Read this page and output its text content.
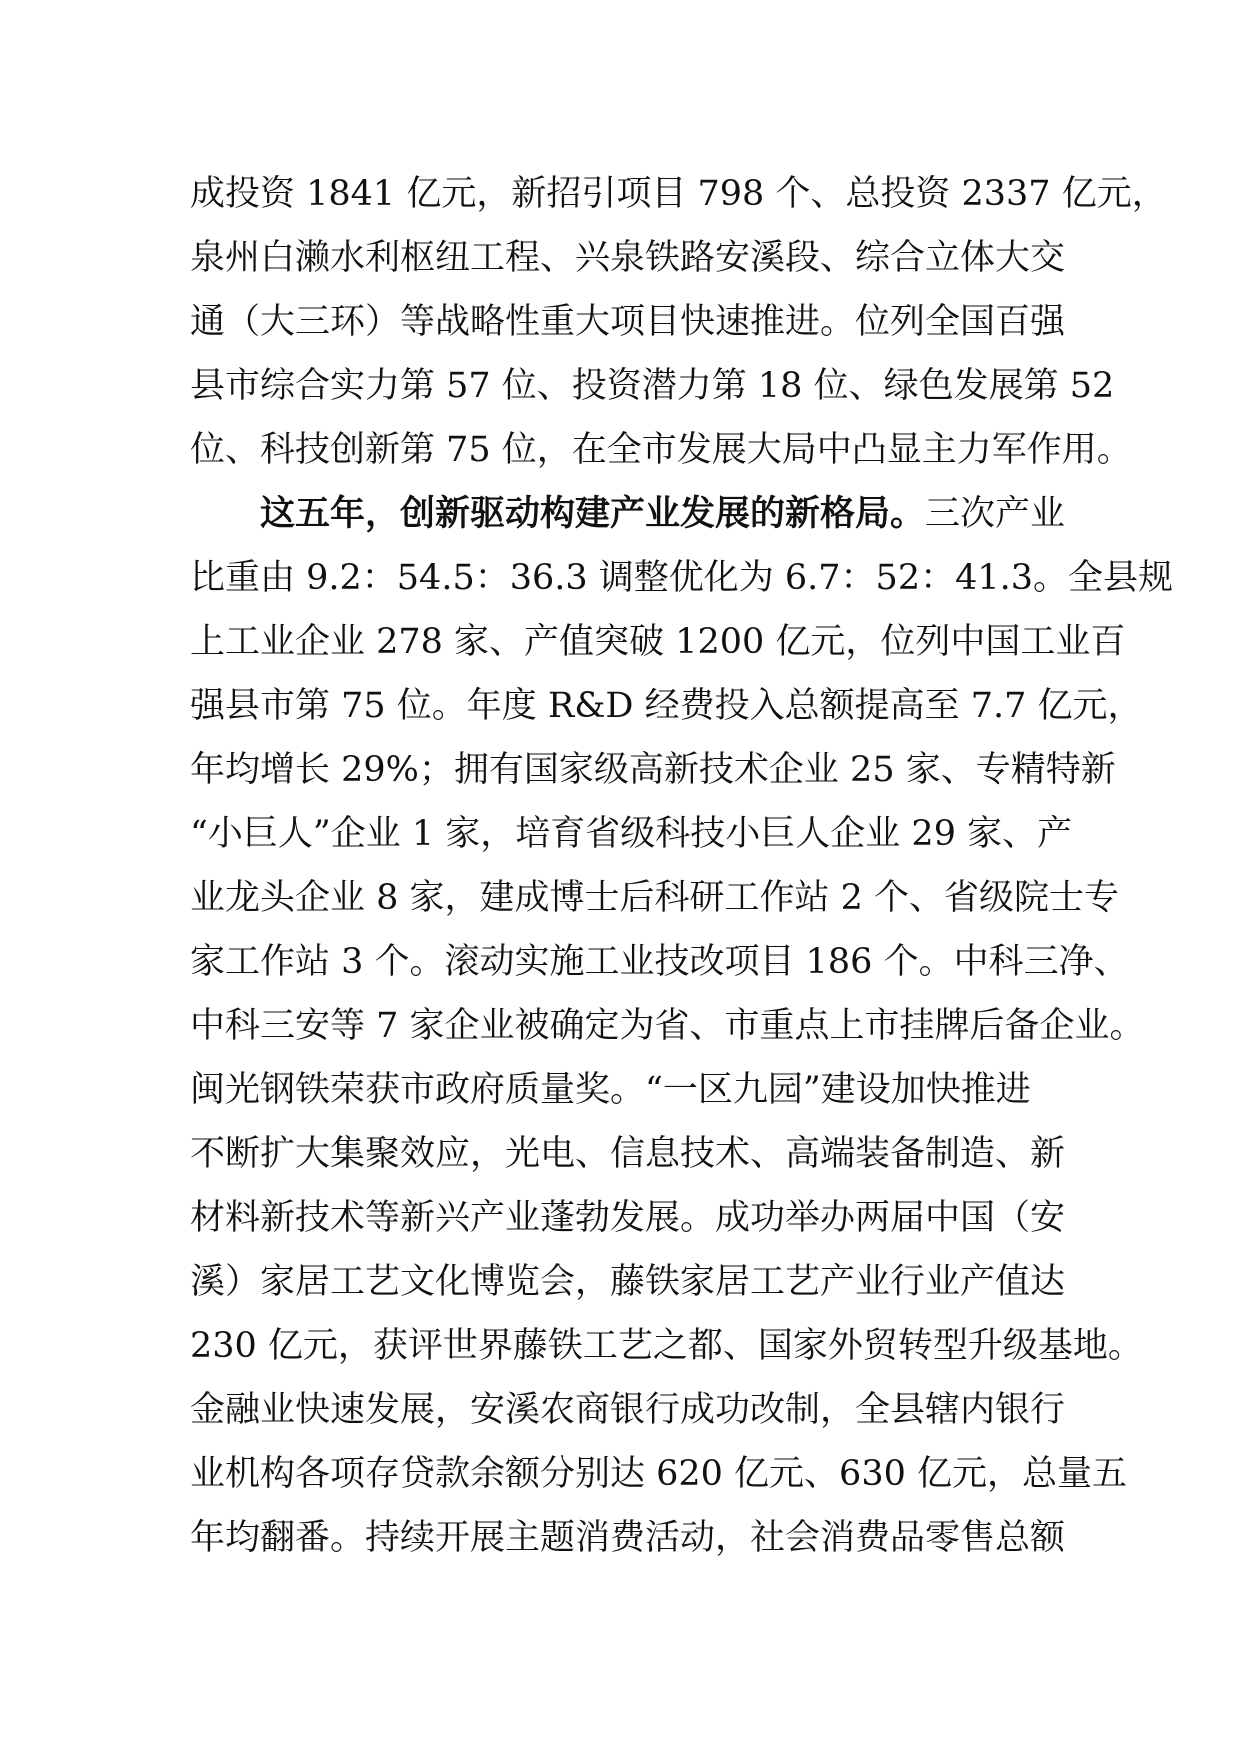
成投资 1841 亿元，新招引项目 798 个、总投资 2337 亿元，
泉州白濑水利枢纽工程、兴泉铁路安溪段、综合立体大交
通（大三环）等战略性重大项目快速推进。位列全国百强
县市综合实力第 57 位、投资潜力第 18 位、绿色发展第 52
位、科技创新第 75 位，在全市发展大局中凸显主力军作用。
这五年，创新驱动构建产业发展的新格局。三次产业
比重由 9.2：54.5：36.3 调整优化为 6.7：52：41.3。全县规
上工业企业 278 家、产值突破 1200 亿元，位列中国工业百
强县市第 75 位。年度 R&D 经费投入总额提高至 7.7 亿元，
年均增长 29%；拥有国家级高新技术企业 25 家、专精特新
“小巨人”企业 1 家，培育省级科技小巨人企业 29 家、产
业龙头企业 8 家，建成博士后科研工作站 2 个、省级院士专
家工作站 3 个。滚动实施工业技改项目 186 个。中科三净、
中科三安等 7 家企业被确定为省、市重点上市挂牌后备企业。
闽光钢铁荣获市政府质量奖。“一区九园”建设加快推进
不断扩大集聚效应，光电、信息技术、高端装备制造、新
材料新技术等新兴产业蓬勃发展。成功举办两届中国（安
溪）家居工艺文化博览会，藤铁家居工艺产业行业产值达
230 亿元，获评世界藤铁工艺之都、国家外贸转型升级基地。
金融业快速发展，安溪农商银行成功改制，全县辖内银行
业机构各项存贷款余额分别达 620 亿元、630 亿元，总量五
年均翻番。持续开展主题消费活动，社会消费品零售总额
